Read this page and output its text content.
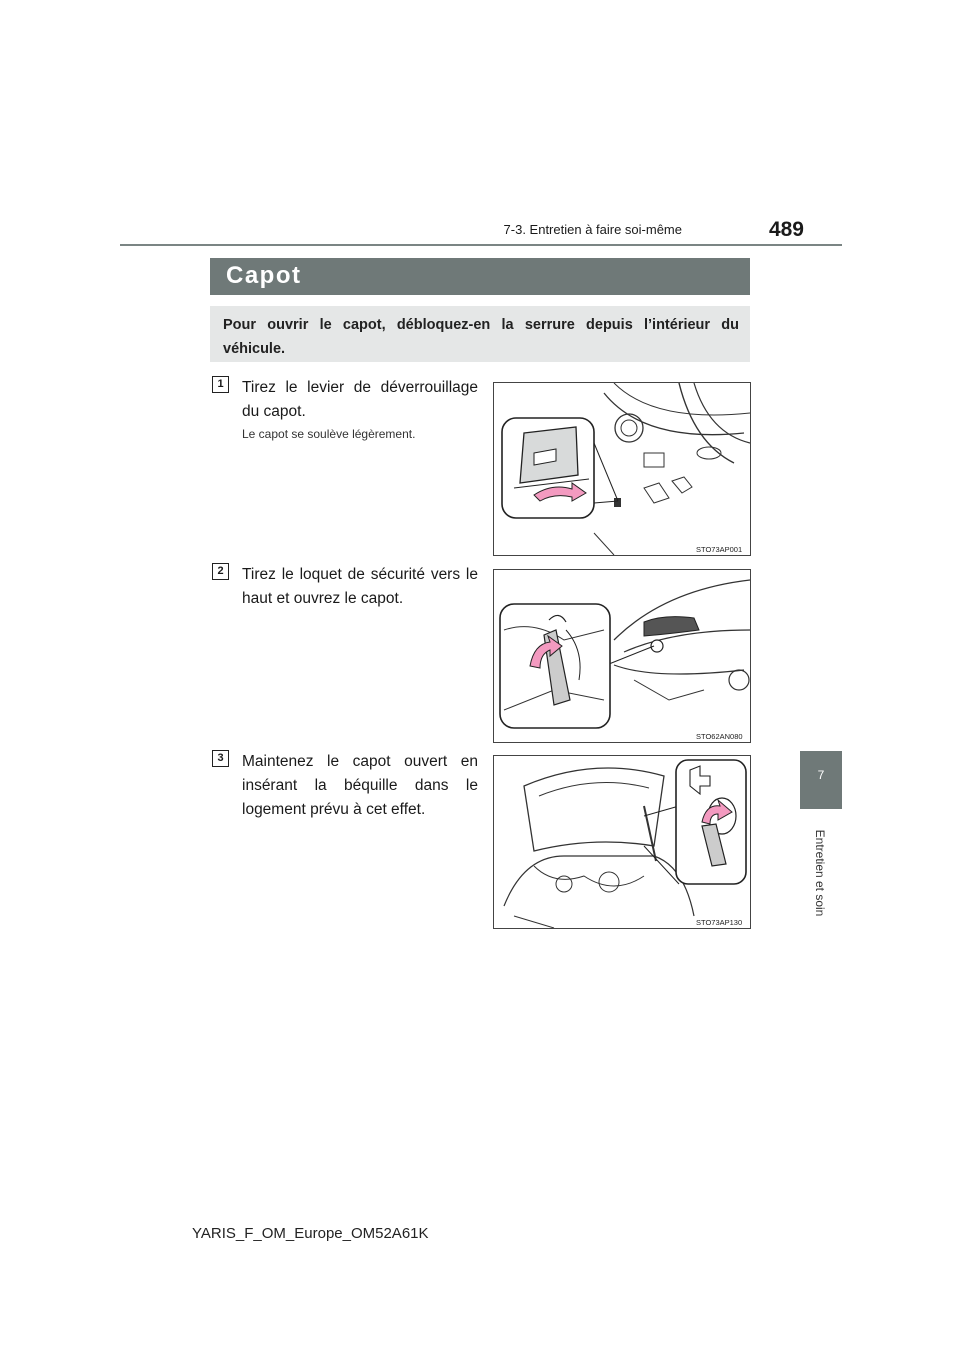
489
7-3. Entretien à faire soi-même
7
Entretien et soin
Capot
Pour ouvrir le capot, débloquez-en la serrure depuis l’intérieur du véhicule.
1	Tirez le levier de déverrouillage du capot.
Le capot se soulève légèrement.
STO73AP001
2	Tirez le loquet de sécurité vers le haut et ouvrez le capot.
STO62AN080
3	Maintenez le capot ouvert en insérant la béquille dans le logement prévu à cet effet.
STO73AP130
YARIS_F_OM_Europe_OM52A61K
